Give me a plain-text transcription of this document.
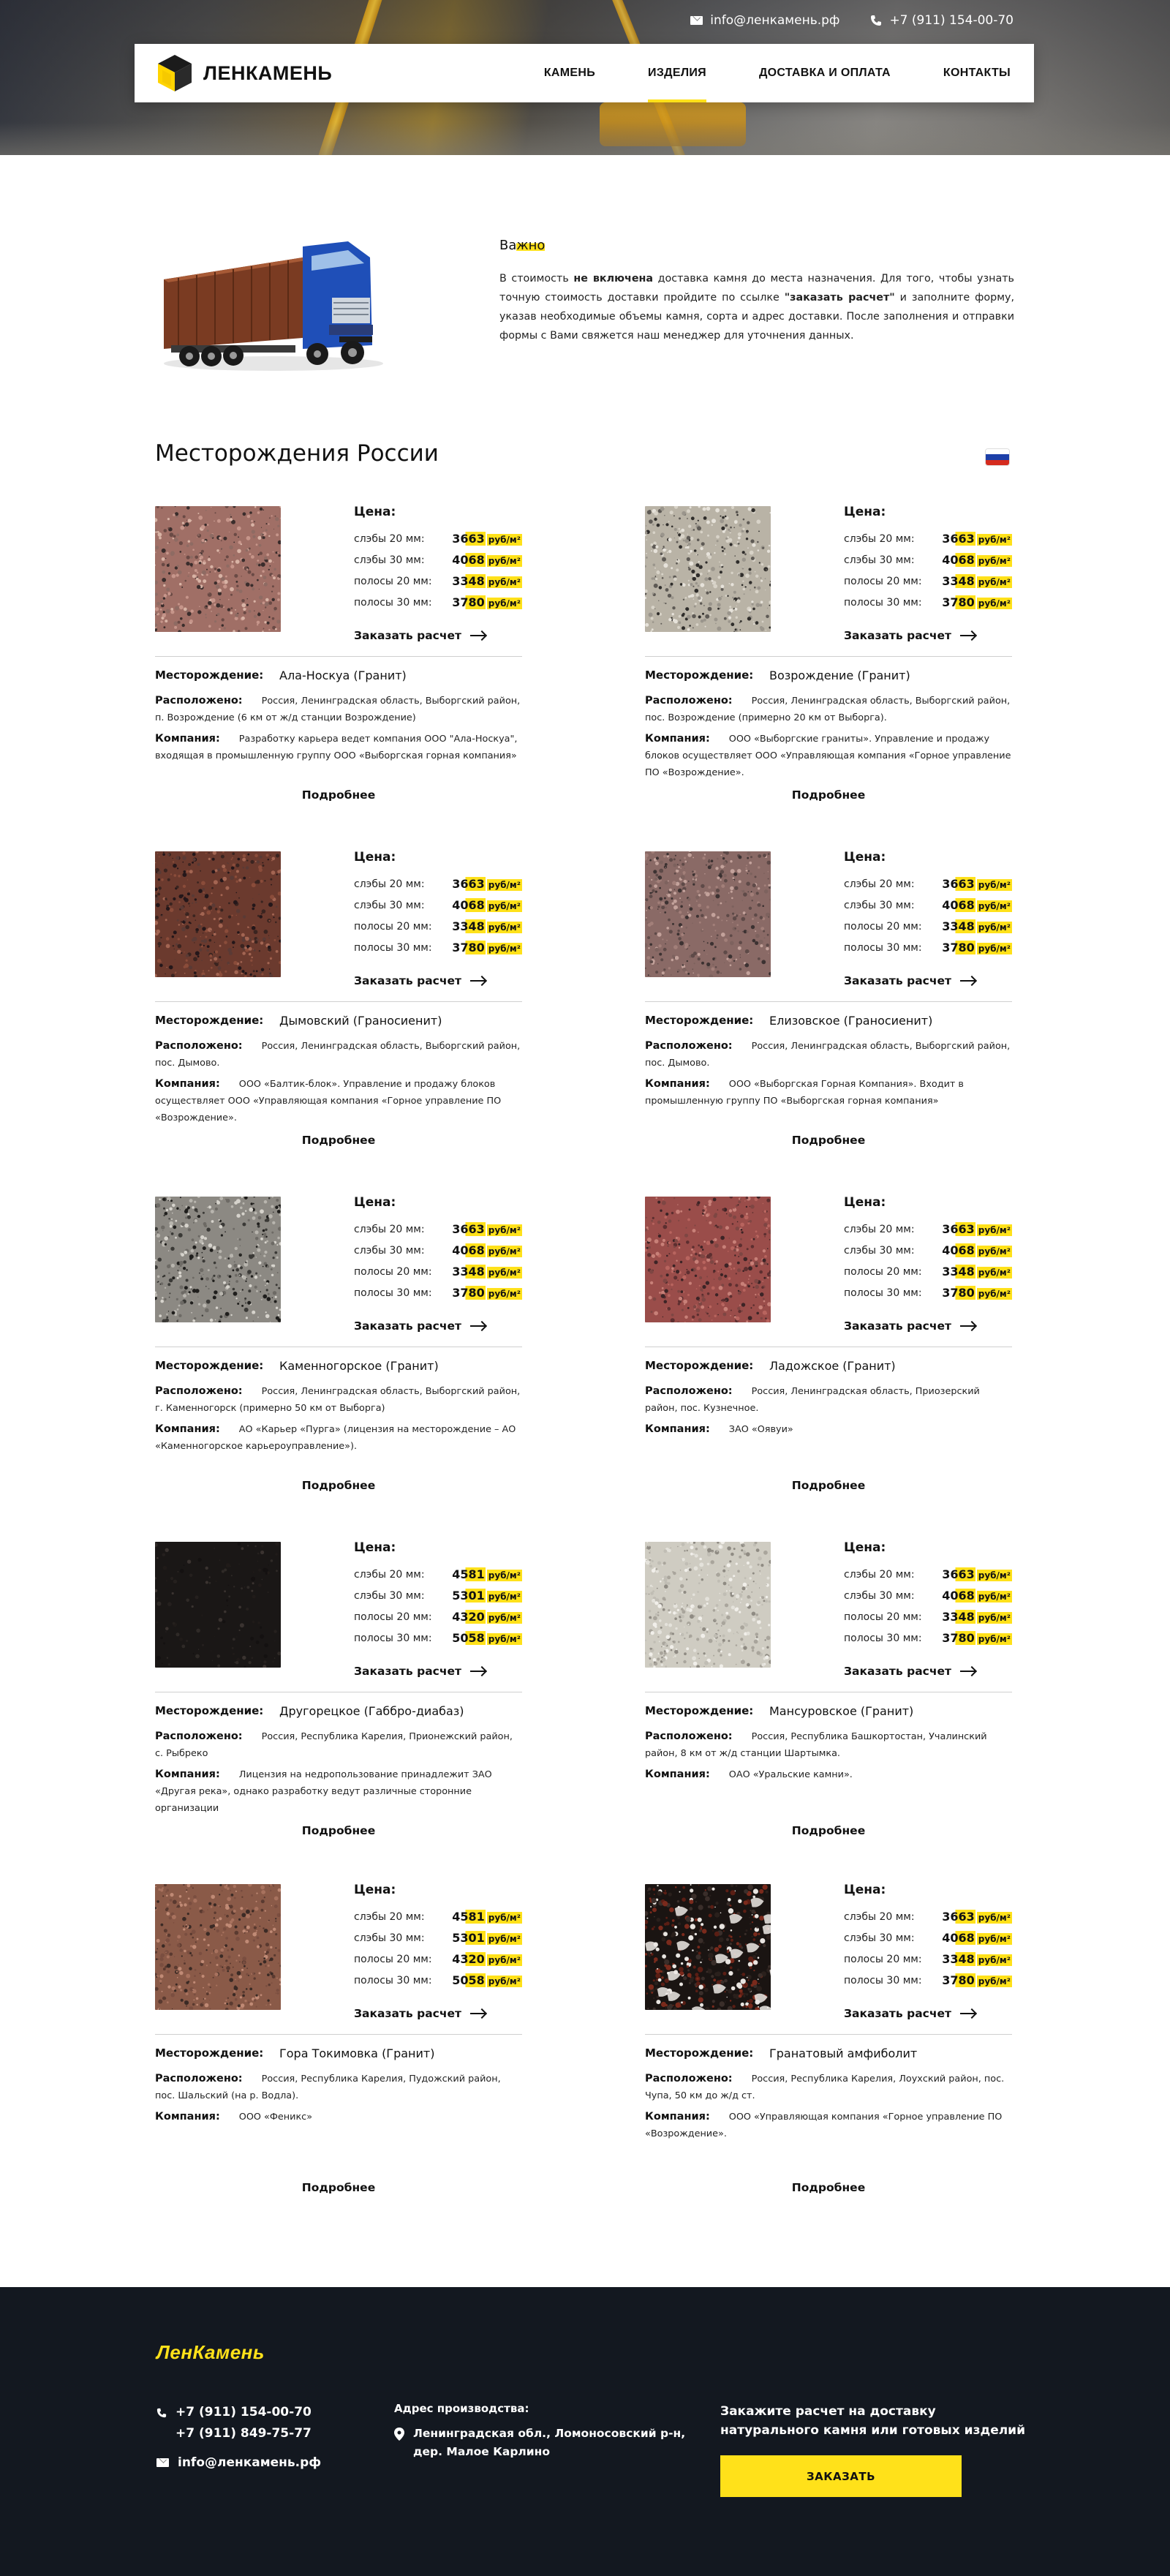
info@ленкамень.рф	+7 (911) 154-00-70
ЛЕНКАМЕНЬ	КАМЕНЬ	ИЗДЕЛИЯ	ДОСТАВКА И ОПЛАТА	КОНТАКТЫ
Важно

В стоимость не включена доставка камня до места назначения. Для того, чтобы узнать точную стоимость доставки пройдите по ссылке "заказать расчет" и заполните форму, указав необходимые объемы камня, сорта и адрес доставки. После заполнения и отправки формы с Вами свяжется наш менеджер для уточнения данных.

Месторождения России
Цена:
слэбы 20 мм: 3663 руб/м²
слэбы 30 мм: 4068 руб/м²
полосы 20 мм: 3348 руб/м²
полосы 30 мм: 3780 руб/м²
Заказать расчет
Месторождение:	Ала-Носкуа (Гранит)
Расположено: Россия, Ленинградская область, Выборгский район, п. Возрождение (6 км от ж/д станции Возрождение)
Компания: Разработку карьера ведет компания ООО "Ала-Носкуа", входящая в промышленную группу ООО «Выборгская горная компания»
Подробнее
Цена:
слэбы 20 мм: 3663 руб/м²
слэбы 30 мм: 4068 руб/м²
полосы 20 мм: 3348 руб/м²
полосы 30 мм: 3780 руб/м²
Заказать расчет
Месторождение:	Возрождение (Гранит)
Расположено: Россия, Ленинградская область, Выборгский район, пос. Возрождение (примерно 20 км от Выборга).
Компания: ООО «Выборгские граниты». Управление и продажу блоков осуществляет ООО «Управляющая компания «Горное управление ПО «Возрождение».
Подробнее
Цена:
слэбы 20 мм: 3663 руб/м²
слэбы 30 мм: 4068 руб/м²
полосы 20 мм: 3348 руб/м²
полосы 30 мм: 3780 руб/м²
Заказать расчет
Месторождение:	Дымовский (Граносиенит)
Расположено: Россия, Ленинградская область, Выборгский район, пос. Дымово.
Компания: ООО «Балтик-блок». Управление и продажу блоков осуществляет ООО «Управляющая компания «Горное управление ПО «Возрождение».
Подробнее
Цена:
слэбы 20 мм: 3663 руб/м²
слэбы 30 мм: 4068 руб/м²
полосы 20 мм: 3348 руб/м²
полосы 30 мм: 3780 руб/м²
Заказать расчет
Месторождение:	Елизовское (Граносиенит)
Расположено: Россия, Ленинградская область, Выборгский район, пос. Дымово.
Компания: ООО «Выборгская Горная Компания». Входит в промышленную группу ПО «Выборгская горная компания»
Подробнее
Цена:
слэбы 20 мм: 3663 руб/м²
слэбы 30 мм: 4068 руб/м²
полосы 20 мм: 3348 руб/м²
полосы 30 мм: 3780 руб/м²
Заказать расчет
Месторождение:	Каменногорское (Гранит)
Расположено: Россия, Ленинградская область, Выборгский район, г. Каменногорск (примерно 50 км от Выборга)
Компания: АО «Карьер «Пурга» (лицензия на месторождение – АО «Каменногорское карьероуправление»).
Подробнее
Цена:
слэбы 20 мм: 3663 руб/м²
слэбы 30 мм: 4068 руб/м²
полосы 20 мм: 3348 руб/м²
полосы 30 мм: 3780 руб/м²
Заказать расчет
Месторождение:	Ладожское (Гранит)
Расположено: Россия, Ленинградская область, Приозерский район, пос. Кузнечное.
Компания: ЗАО «Оявуи»
Подробнее
Цена:
слэбы 20 мм: 4581 руб/м²
слэбы 30 мм: 5301 руб/м²
полосы 20 мм: 4320 руб/м²
полосы 30 мм: 5058 руб/м²
Заказать расчет
Месторождение:	Другорецкое (Габбро-диабаз)
Расположено: Россия, Республика Карелия, Прионежский район, с. Рыбреко
Компания: Лицензия на недропользование принадлежит ЗАО «Другая река», однако разработку ведут различные сторонние организации
Подробнее
Цена:
слэбы 20 мм: 3663 руб/м²
слэбы 30 мм: 4068 руб/м²
полосы 20 мм: 3348 руб/м²
полосы 30 мм: 3780 руб/м²
Заказать расчет
Месторождение:	Мансуровское (Гранит)
Расположено: Россия, Республика Башкортостан, Учалинский район, 8 км от ж/д станции Шартымка.
Компания: ОАО «Уральские камни».
Подробнее
Цена:
слэбы 20 мм: 4581 руб/м²
слэбы 30 мм: 5301 руб/м²
полосы 20 мм: 4320 руб/м²
полосы 30 мм: 5058 руб/м²
Заказать расчет
Месторождение:	Гора Токимовка (Гранит)
Расположено: Россия, Республика Карелия, Пудожский район, пос. Шальский (на р. Водла).
Компания: ООО «Феникс»
Подробнее
Цена:
слэбы 20 мм: 3663 руб/м²
слэбы 30 мм: 4068 руб/м²
полосы 20 мм: 3348 руб/м²
полосы 30 мм: 3780 руб/м²
Заказать расчет
Месторождение:	Гранатовый амфиболит
Расположено: Россия, Республика Карелия, Лоухский район, пос. Чупа, 50 км до ж/д ст.
Компания: ООО «Управляющая компания «Горное управление ПО «Возрождение».
Подробнее
ЛенКамень
+7 (911) 154-00-70
+7 (911) 849-75-77
info@ленкамень.рф
Адрес производства:
Ленинградская обл., Ломоносовский р-н,
дер. Малое Карлино
Закажите расчет на доставку натурального камня или готовых изделий
ЗАКАЗАТЬ
